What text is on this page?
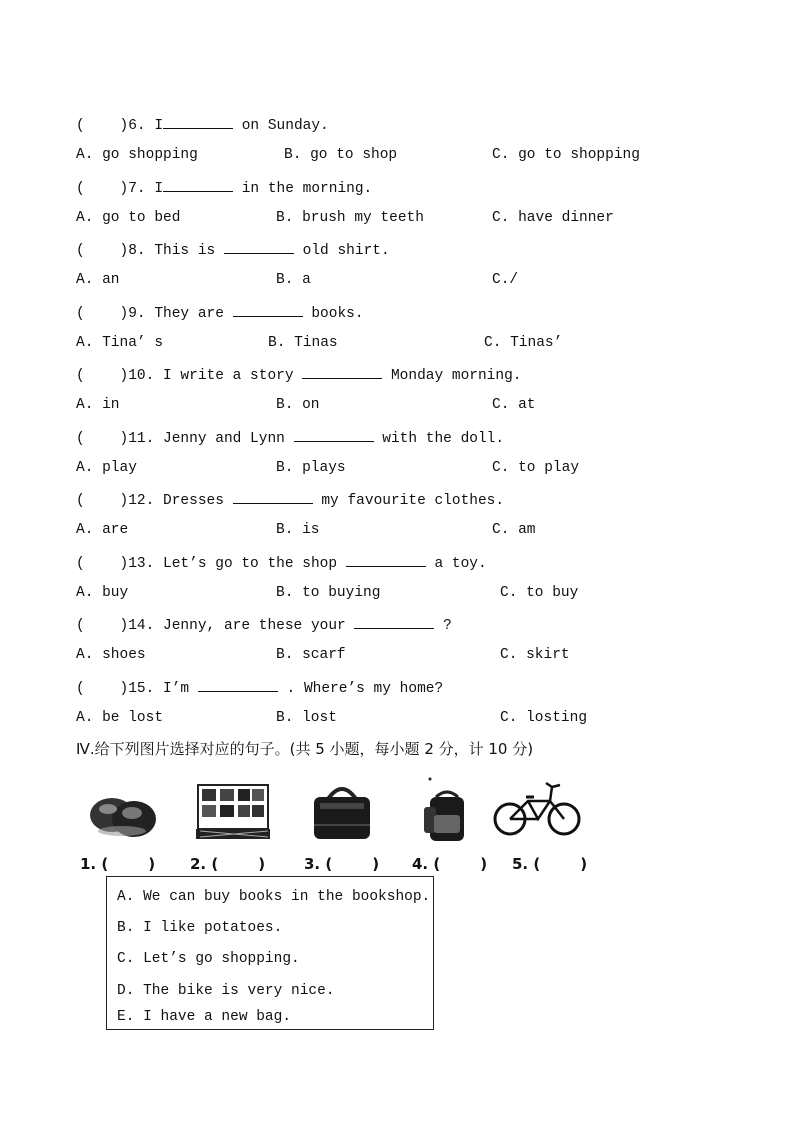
(    )6. I	on Sunday.
A. go shopping	B. go to shop	C. go to shopping
(    )7. I	in the morning.
A. go to bed	B. brush my teeth	C. have dinner
(    )8. This is	old shirt.
A. an	B. a	C./
(    )9. They are	books.
A. Tina’ s	B. Tinas	C. Tinas’
(    )10. I write a story	Monday morning.
A. in	B. on	C. at
(    )11. Jenny and Lynn	with the doll.
A. play	B. plays	C. to play
(    )12. Dresses	my favourite clothes.
A. are	B. is	C. am
(    )13. Let’s go to the shop	a toy.
A. buy	B. to buying	C. to buy
(    )14. Jenny, are these your	?
A. shoes	B. scarf	C. skirt
(    )15. I’m	. Where’s my home?
A. be lost	B. lost	C. losting
Ⅳ.给下列图片选择对应的句子。(共 5 小题，每小题 2 分，计 10 分)
1. (	) 2. (	)	3. (	) 4. (	) 5. (	)
A. We can buy books in the bookshop.
B. I like potatoes.
C. Let’s go shopping.
D. The bike is very nice.
E. I have a new bag.
